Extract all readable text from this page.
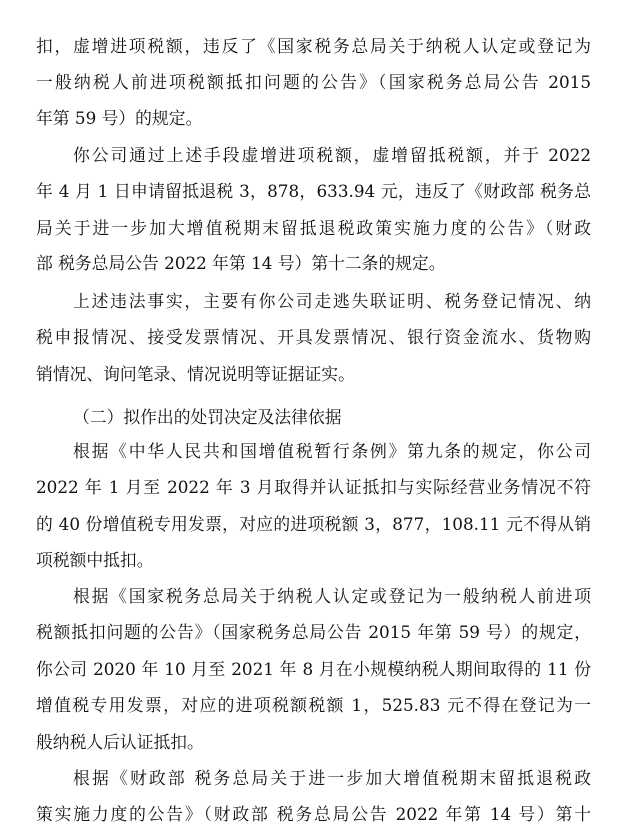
扣，虚增进项税额，违反了《国家税务总局关于纳税人认定或登记为
一般纳税人前进项税额抵扣问题的公告》（国家税务总局公告 2015
年第 59 号）的规定。
你公司通过上述手段虚增进项税额，虚增留抵税额，并于 2022
年 4 月 1 日申请留抵退税 3，878，633.94 元，违反了《财政部 税务总
局关于进一步加大增值税期末留抵退税政策实施力度的公告》（财政
部 税务总局公告 2022 年第 14 号）第十二条的规定。
上述违法事实，主要有你公司走逃失联证明、税务登记情况、纳
税申报情况、接受发票情况、开具发票情况、银行资金流水、货物购
销情况、询问笔录、情况说明等证据证实。
（二）拟作出的处罚决定及法律依据
根据《中华人民共和国增值税暂行条例》第九条的规定，你公司
2022 年 1 月至 2022 年 3 月取得并认证抵扣与实际经营业务情况不符
的 40 份增值税专用发票，对应的进项税额 3，877，108.11 元不得从销
项税额中抵扣。
根据《国家税务总局关于纳税人认定或登记为一般纳税人前进项
税额抵扣问题的公告》（国家税务总局公告 2015 年第 59 号）的规定，
你公司 2020 年 10 月至 2021 年 8 月在小规模纳税人期间取得的 11 份
增值税专用发票，对应的进项税额税额 1，525.83 元不得在登记为一
般纳税人后认证抵扣。
根据《财政部 税务总局关于进一步加大增值税期末留抵退税政
策实施力度的公告》（财政部 税务总局公告 2022 年第 14 号）第十
